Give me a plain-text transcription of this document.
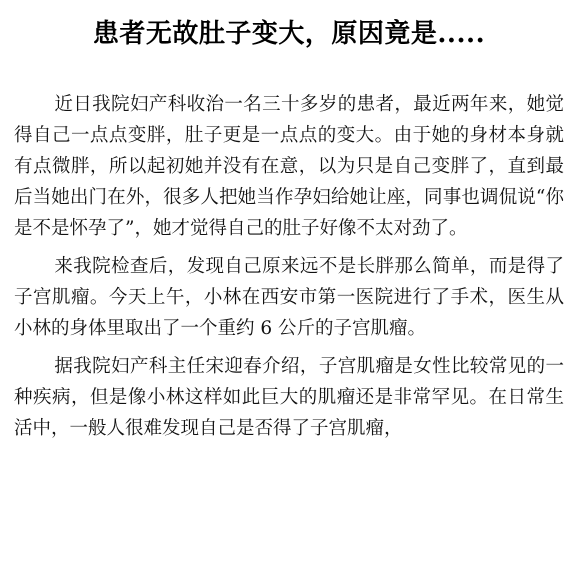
患者无故肚子变大，原因竟是.....

近日我院妇产科收治一名三十多岁的患者，最近两年来，她觉得自己一点点变胖，肚子更是一点点的变大。由于她的身材本身就有点微胖，所以起初她并没有在意，以为只是自己变胖了，直到最后当她出门在外，很多人把她当作孕妇给她让座，同事也调侃说“你是不是怀孕了”，她才觉得自己的肚子好像不太对劲了。

来我院检查后，发现自己原来远不是长胖那么简单，而是得了子宫肌瘤。今天上午，小林在西安市第一医院进行了手术，医生从小林的身体里取出了一个重约 6 公斤的子宫肌瘤。

据我院妇产科主任宋迎春介绍，子宫肌瘤是女性比较常见的一种疾病，但是像小林这样如此巨大的肌瘤还是非常罕见。在日常生活中，一般人很难发现自己是否得了子宫肌瘤，
